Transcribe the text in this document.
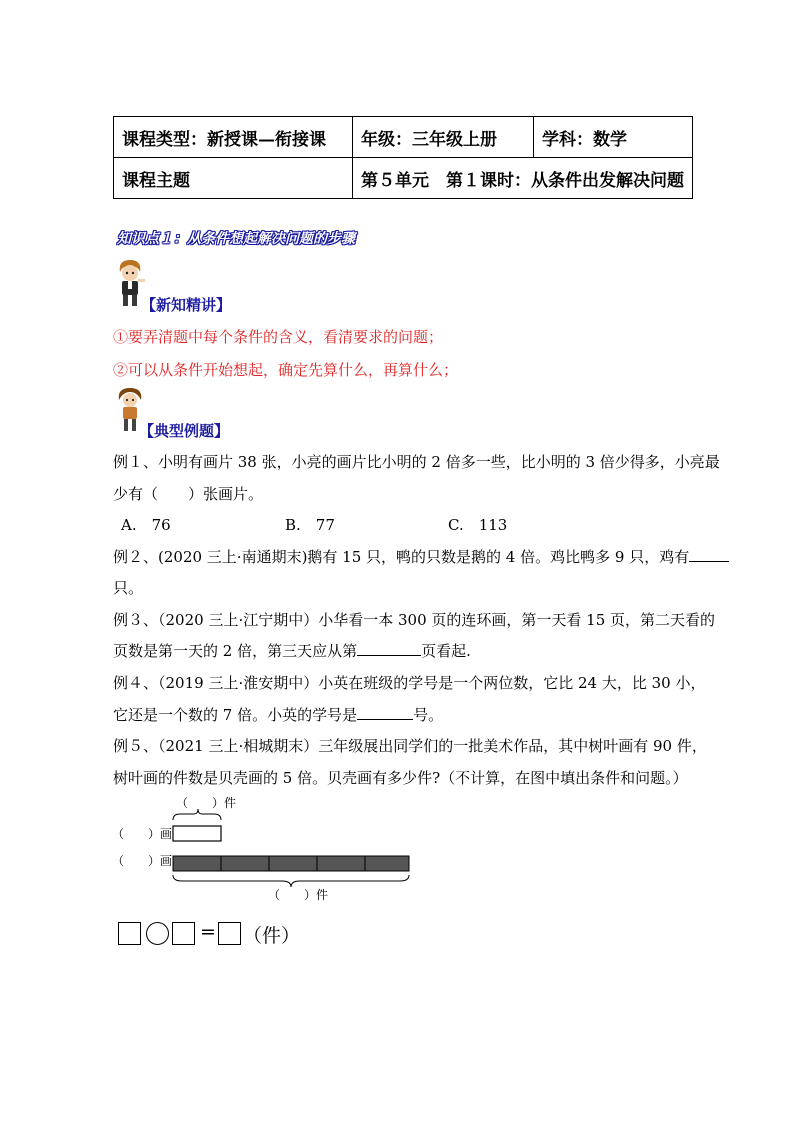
课程类型：新授课—衔接课	年级：三年级上册	学科：数学
课程主题	第５单元　第１课时：从条件出发解决问题	
知识点１：从条件想起解决问题的步骤
【新知精讲】
①要弄清题中每个条件的含义，看清要求的问题；
②可以从条件开始想起，确定先算什么，再算什么；
【典型例题】
例１、小明有画片 38 张，小亮的画片比小明的 2 倍多一些，比小明的 3 倍少得多，小亮最
少有（　　）张画片。
A.　76	B.　77	C.　113
例２、(2020 三上·南通期末)鹅有 15 只，鸭的只数是鹅的 4 倍。鸡比鸭多 9 只，鸡有
只。
例３、（2020 三上·江宁期中）小华看一本 300 页的连环画，第一天看 15 页，第二天看的
页数是第一天的 2 倍，第三天应从第	页看起.
例４、（2019 三上·淮安期中）小英在班级的学号是一个两位数，它比 24 大，比 30 小，
它还是一个数的 7 倍。小英的学号是	号。
例５、（2021 三上·相城期末）三年级展出同学们的一批美术作品，其中树叶画有 90 件，
树叶画的件数是贝壳画的 5 倍。贝壳画有多少件?（不计算，在图中填出条件和问题。）
（　　）件
（　　）画
（　　）画
（　　）件
= （件）
